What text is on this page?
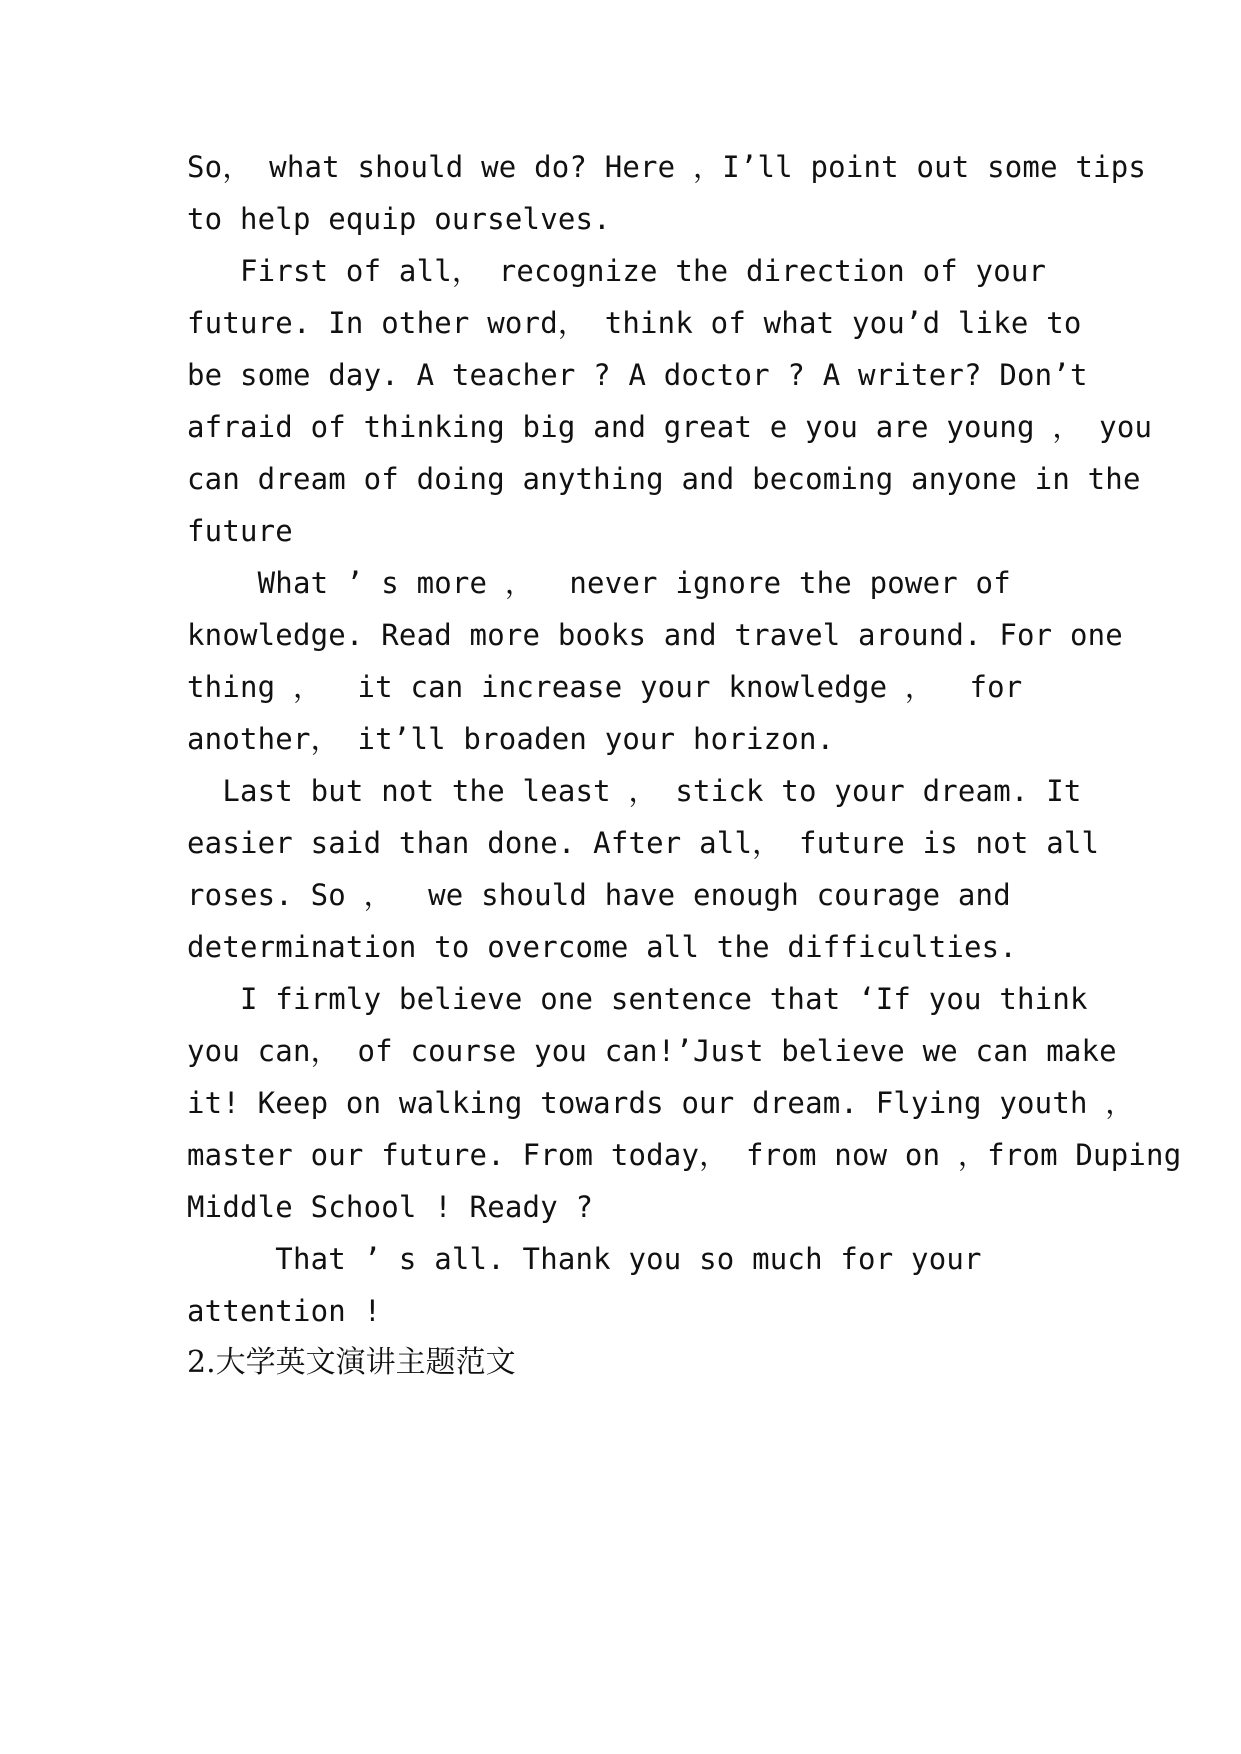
So， what should we do? Here ，I’ll point out some tips

to help equip ourselves.

First of all， recognize the direction of your

future. In other word， think of what you’d like to

be some day. A teacher ? A doctor ? A writer? Don’t

afraid of thinking big and great e you are young ， you

can dream of doing anything and becoming anyone in the

future

What ’ s more ，  never ignore the power of

knowledge. Read more books and travel around. For one

thing ，  it can increase your knowledge ，  for

another， it’ll broaden your horizon.

Last but not the least ， stick to your dream. It

easier said than done. After all， future is not all

roses. So ，  we should have enough courage and

determination to overcome all the difficulties.

I firmly believe one sentence that ‘If you think

you can， of course you can!’Just believe we can make

it! Keep on walking towards our dream. Flying youth ，

master our future. From today， from now on ，from Duping

Middle School ! Ready ?

That ’ s all. Thank you so much for your

attention !

2.大学英文演讲主题范文
